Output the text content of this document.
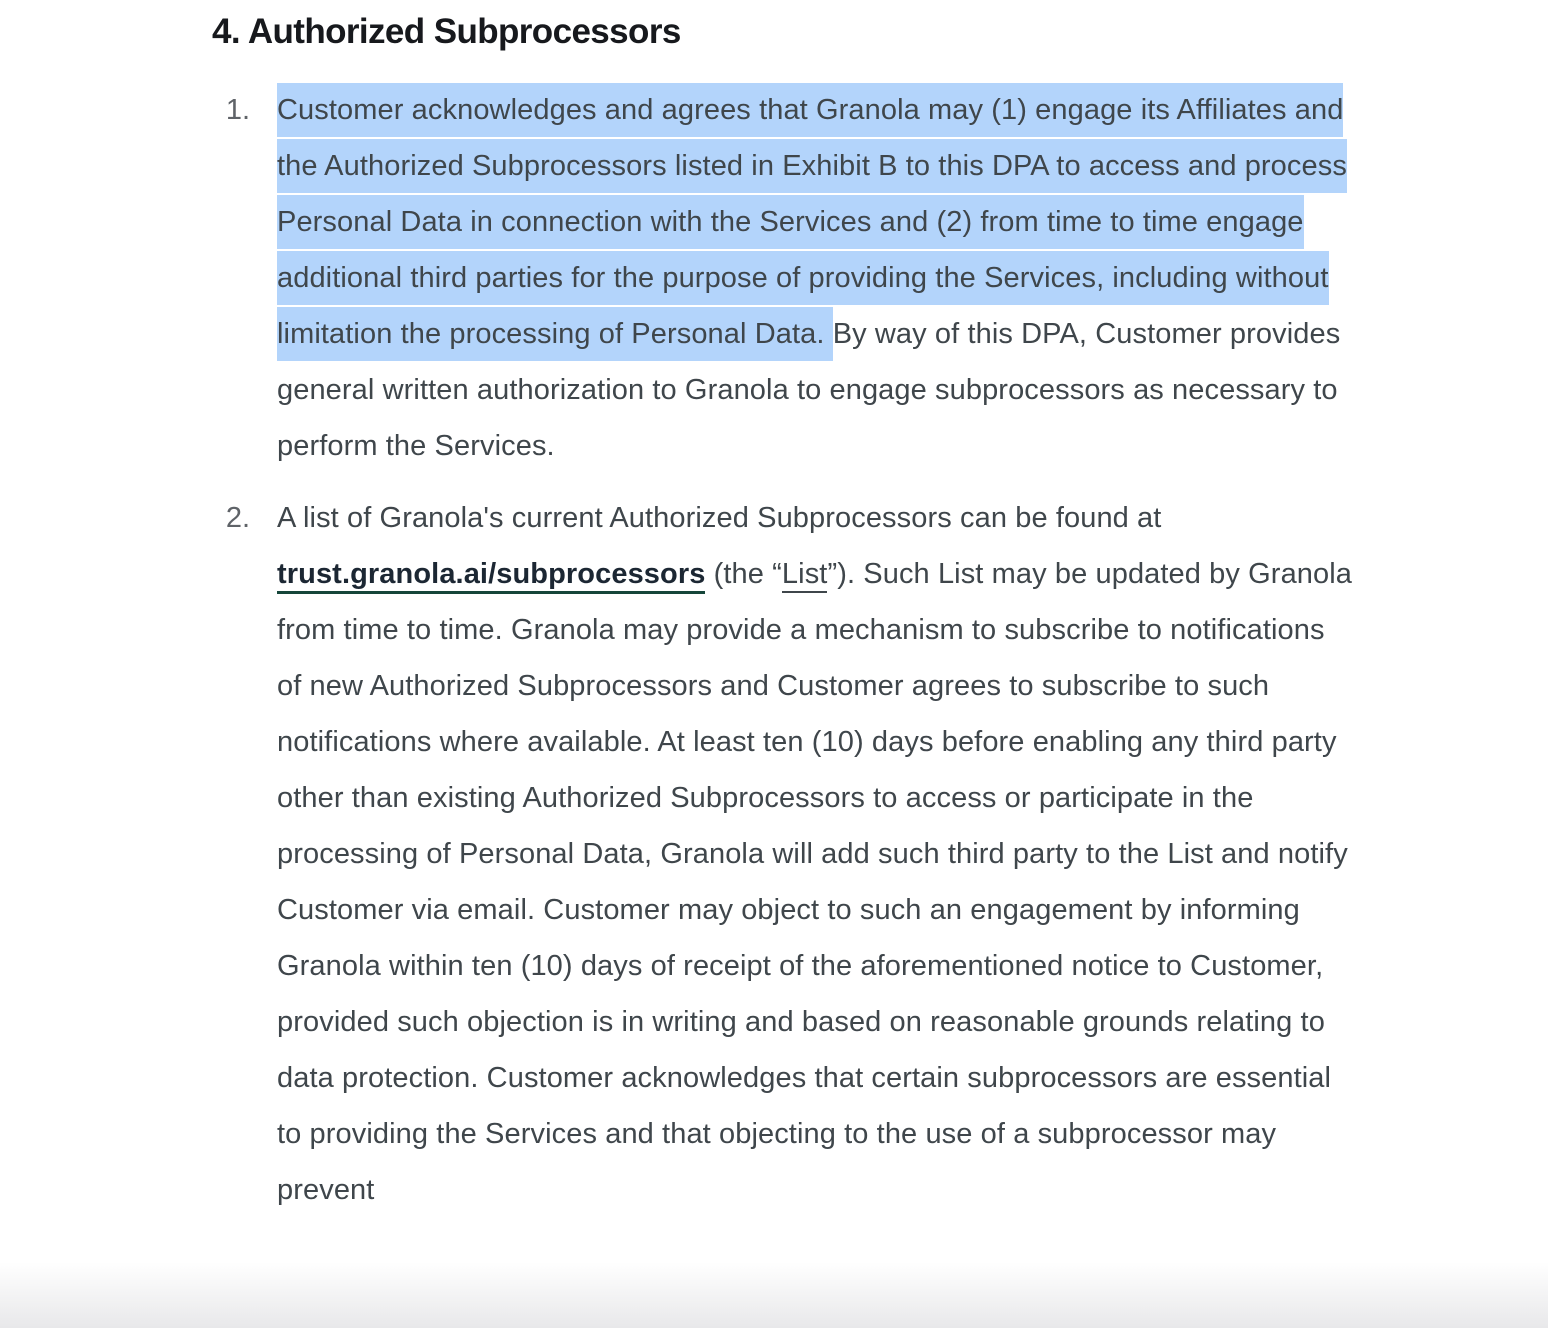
4. Authorized Subprocessors
1. Customer acknowledges and agrees that Granola may (1) engage its Affiliates and the Authorized Subprocessors listed in Exhibit B to this DPA to access and process Personal Data in connection with the Services and (2) from time to time engage additional third parties for the purpose of providing the Services, including without limitation the processing of Personal Data. By way of this DPA, Customer provides general written authorization to Granola to engage subprocessors as necessary to perform the Services.

2. A list of Granola's current Authorized Subprocessors can be found at trust.granola.ai/subprocessors (the “List”). Such List may be updated by Granola from time to time. Granola may provide a mechanism to subscribe to notifications of new Authorized Subprocessors and Customer agrees to subscribe to such notifications where available. At least ten (10) days before enabling any third party other than existing Authorized Subprocessors to access or participate in the processing of Personal Data, Granola will add such third party to the List and notify Customer via email. Customer may object to such an engagement by informing Granola within ten (10) days of receipt of the aforementioned notice to Customer, provided such objection is in writing and based on reasonable grounds relating to data protection. Customer acknowledges that certain subprocessors are essential to providing the Services and that objecting to the use of a subprocessor may prevent
